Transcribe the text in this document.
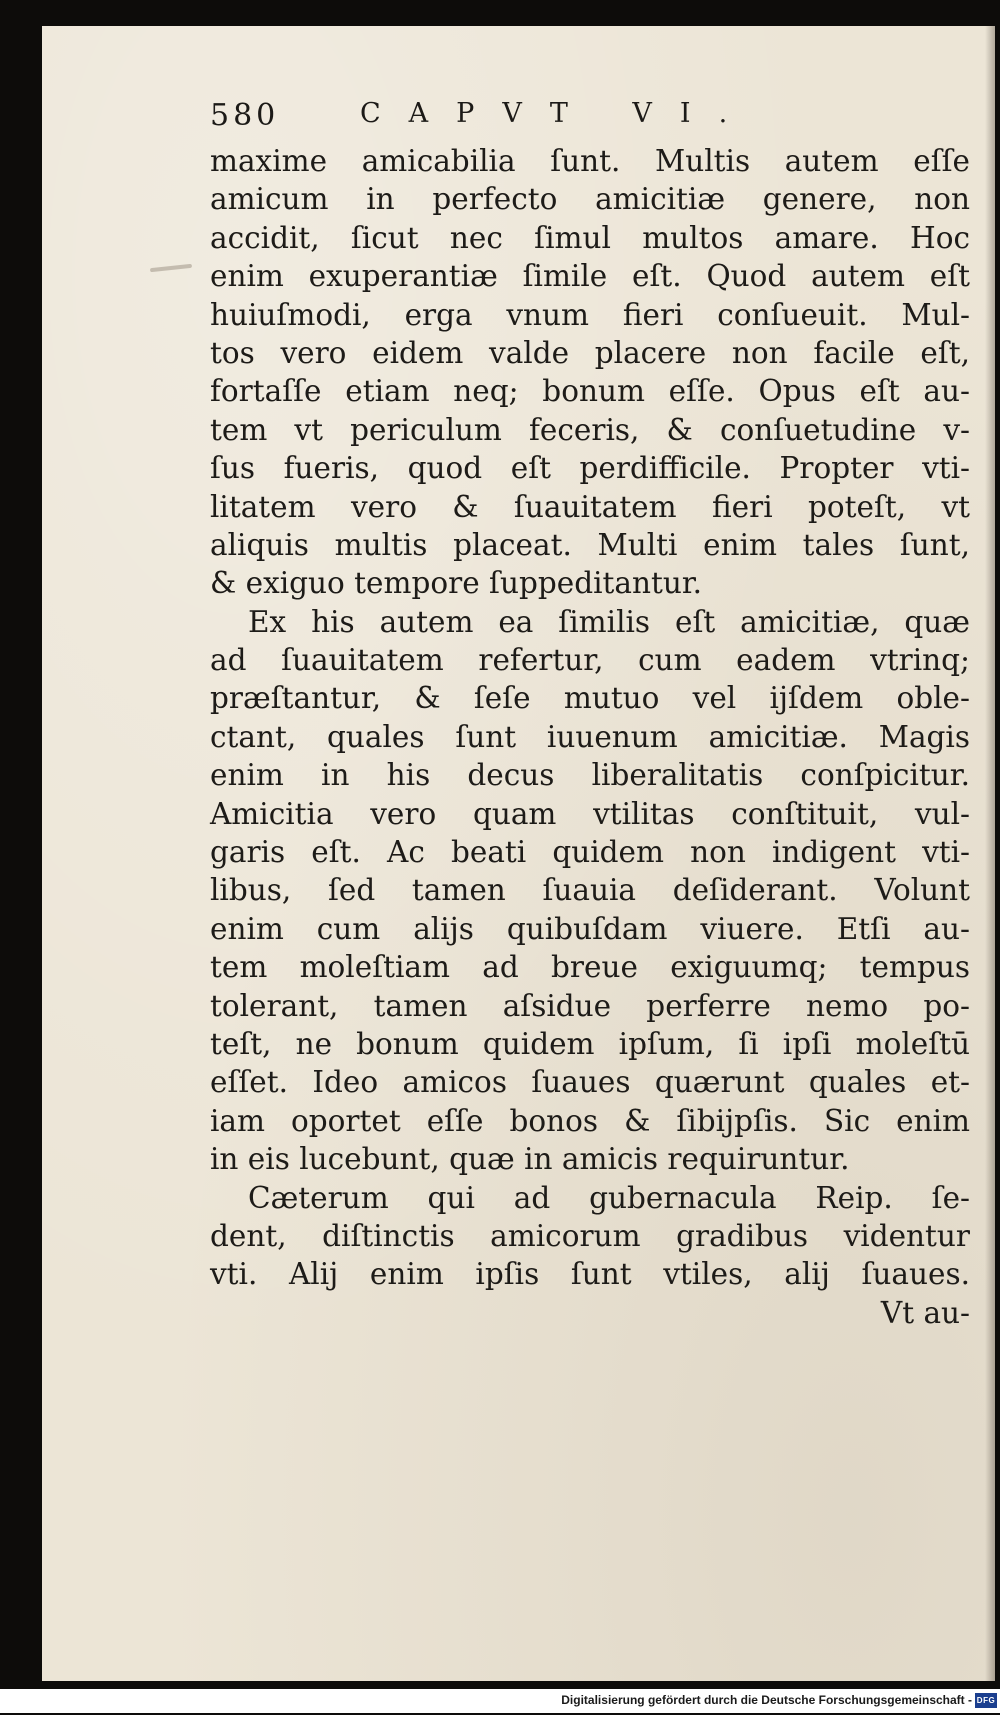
580	CAPVT VI.
maxime amicabilia ſunt. Multis autem eſſe
amicum in perfecto amicitiæ genere, non
accidit, ſicut nec ſimul multos amare. Hoc
enim exuperantiæ ſimile eſt. Quod autem eſt
huiuſmodi, erga vnum fieri conſueuit. Mul-
tos vero eidem valde placere non facile eſt,
fortaſſe etiam neq; bonum eſſe. Opus eſt au-
tem vt periculum feceris, & conſuetudine v-
ſus fueris, quod eſt perdifficile. Propter vti-
litatem vero & ſuauitatem fieri poteſt, vt
aliquis multis placeat. Multi enim tales ſunt,
& exiguo tempore ſuppeditantur.
Ex his autem ea ſimilis eſt amicitiæ, quæ
ad ſuauitatem refertur, cum eadem vtrinq;
præſtantur, & ſeſe mutuo vel ijſdem oble-
ctant, quales ſunt iuuenum amicitiæ. Magis
enim in his decus liberalitatis conſpicitur.
Amicitia vero quam vtilitas conſtituit, vul-
garis eſt. Ac beati quidem non indigent vti-
libus, ſed tamen ſuauia deſiderant. Volunt
enim cum alijs quibuſdam viuere. Etſi au-
tem moleſtiam ad breue exiguumq; tempus
tolerant, tamen aſsidue perferre nemo po-
teſt, ne bonum quidem ipſum, ſi ipſi moleſtū
eſſet. Ideo amicos ſuaues quærunt quales et-
iam oportet eſſe bonos & ſibijpſis. Sic enim
in eis lucebunt, quæ in amicis requiruntur.
Cæterum qui ad gubernacula Reip. ſe-
dent, diſtinctis amicorum gradibus videntur
vti. Alij enim ipſis ſunt vtiles, alij ſuaues.
Vt au-
Digitalisierung gefördert durch die Deutsche Forschungsgemeinschaft - DFG
